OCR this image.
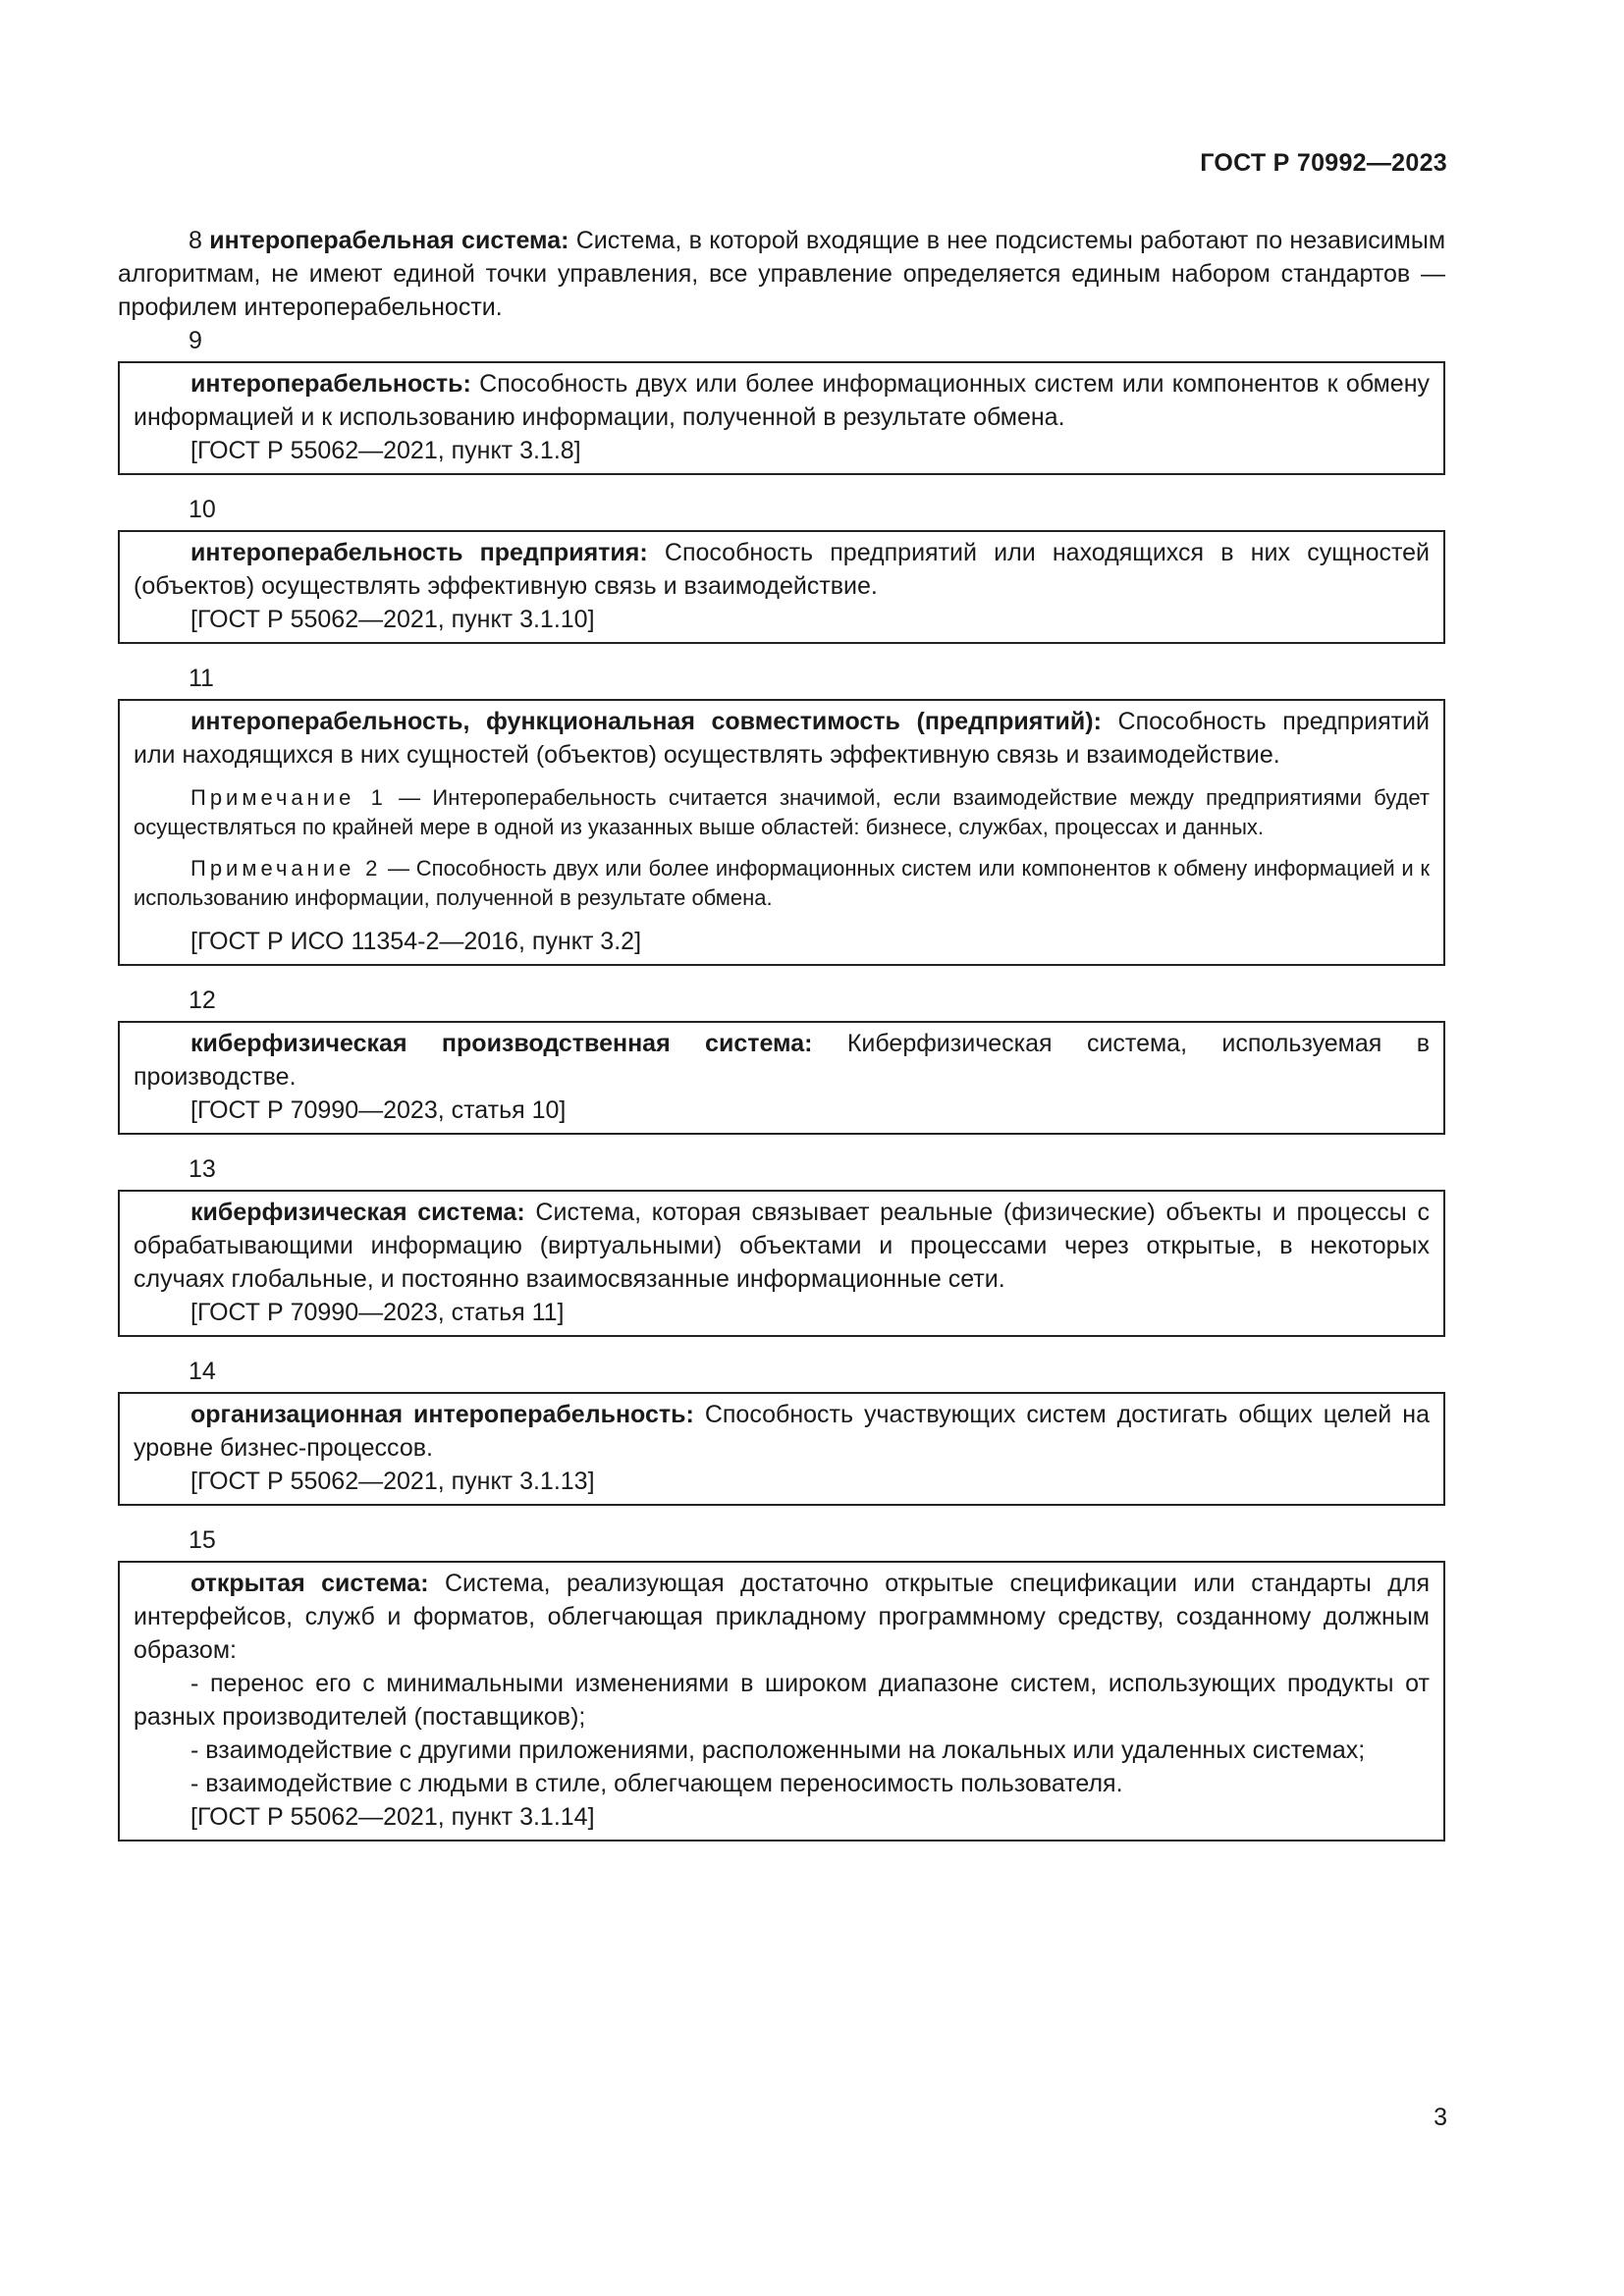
ГОСТ Р 70992—2023

8 интероперабельная система: Система, в которой входящие в нее подсистемы работают по независимым алгоритмам, не имеют единой точки управления, все управление определяется единым набором стандартов — профилем интероперабельности.

9

интероперабельность: Способность двух или более информационных систем или компонентов к обмену информацией и к использованию информации, полученной в результате обмена.

[ГОСТ Р 55062—2021, пункт 3.1.8]

10

интероперабельность предприятия: Способность предприятий или находящихся в них сущностей (объектов) осуществлять эффективную связь и взаимодействие.

[ГОСТ Р 55062—2021, пункт 3.1.10]

11

интероперабельность, функциональная совместимость (предприятий): Способность предприятий или находящихся в них сущностей (объектов) осуществлять эффективную связь и взаимодействие.

Примечание 1 — Интероперабельность считается значимой, если взаимодействие между предприятиями будет осуществляться по крайней мере в одной из указанных выше областей: бизнесе, службах, процессах и данных.

Примечание 2 — Способность двух или более информационных систем или компонентов к обмену информацией и к использованию информации, полученной в результате обмена.

[ГОСТ Р ИСО 11354-2—2016, пункт 3.2]

12

киберфизическая производственная система: Киберфизическая система, используемая в производстве.

[ГОСТ Р 70990—2023, статья 10]

13

киберфизическая система: Система, которая связывает реальные (физические) объекты и процессы с обрабатывающими информацию (виртуальными) объектами и процессами через открытые, в некоторых случаях глобальные, и постоянно взаимосвязанные информационные сети.

[ГОСТ Р 70990—2023, статья 11]

14

организационная интероперабельность: Способность участвующих систем достигать общих целей на уровне бизнес-процессов.

[ГОСТ Р 55062—2021, пункт 3.1.13]

15

открытая система: Система, реализующая достаточно открытые спецификации или стандарты для интерфейсов, служб и форматов, облегчающая прикладному программному средству, созданному должным образом:

- перенос его с минимальными изменениями в широком диапазоне систем, использующих продукты от разных производителей (поставщиков);

- взаимодействие с другими приложениями, расположенными на локальных или удаленных системах;

- взаимодействие с людьми в стиле, облегчающем переносимость пользователя.

[ГОСТ Р 55062—2021, пункт 3.1.14]

3
